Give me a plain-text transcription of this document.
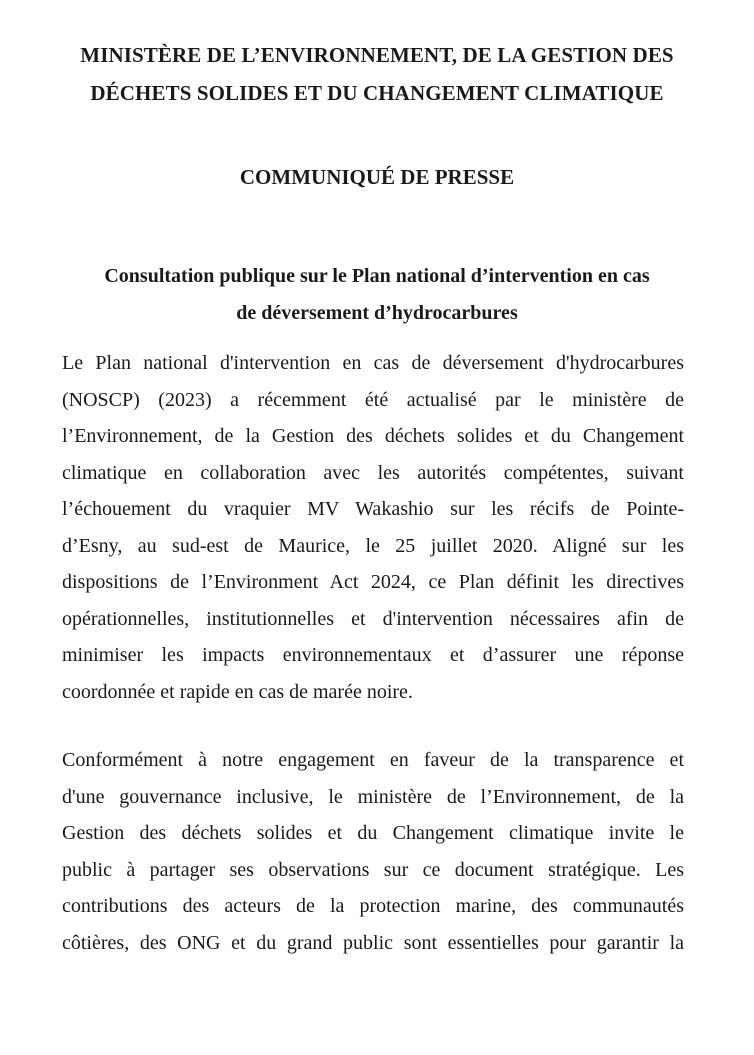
MINISTÈRE DE L’ENVIRONNEMENT, DE LA GESTION DES
DÉCHETS SOLIDES ET DU CHANGEMENT CLIMATIQUE
COMMUNIQUÉ DE PRESSE
Consultation publique sur le Plan national d’intervention en cas
de déversement d’hydrocarbures

Le Plan national d'intervention en cas de déversement d'hydrocarbures
(NOSCP) (2023) a récemment été actualisé par le ministère de
l’Environnement, de la Gestion des déchets solides et du Changement
climatique en collaboration avec les autorités compétentes, suivant
l’échouement du vraquier MV Wakashio sur les récifs de Pointe-
d’Esny, au sud-est de Maurice, le 25 juillet 2020. Aligné sur les
dispositions de l’Environment Act 2024, ce Plan définit les directives
opérationnelles, institutionnelles et d'intervention nécessaires afin de
minimiser les impacts environnementaux et d’assurer une réponse
coordonnée et rapide en cas de marée noire.

Conformément à notre engagement en faveur de la transparence et
d'une gouvernance inclusive, le ministère de l’Environnement, de la
Gestion des déchets solides et du Changement climatique invite le
public à partager ses observations sur ce document stratégique. Les
contributions des acteurs de la protection marine, des communautés
côtières, des ONG et du grand public sont essentielles pour garantir la
